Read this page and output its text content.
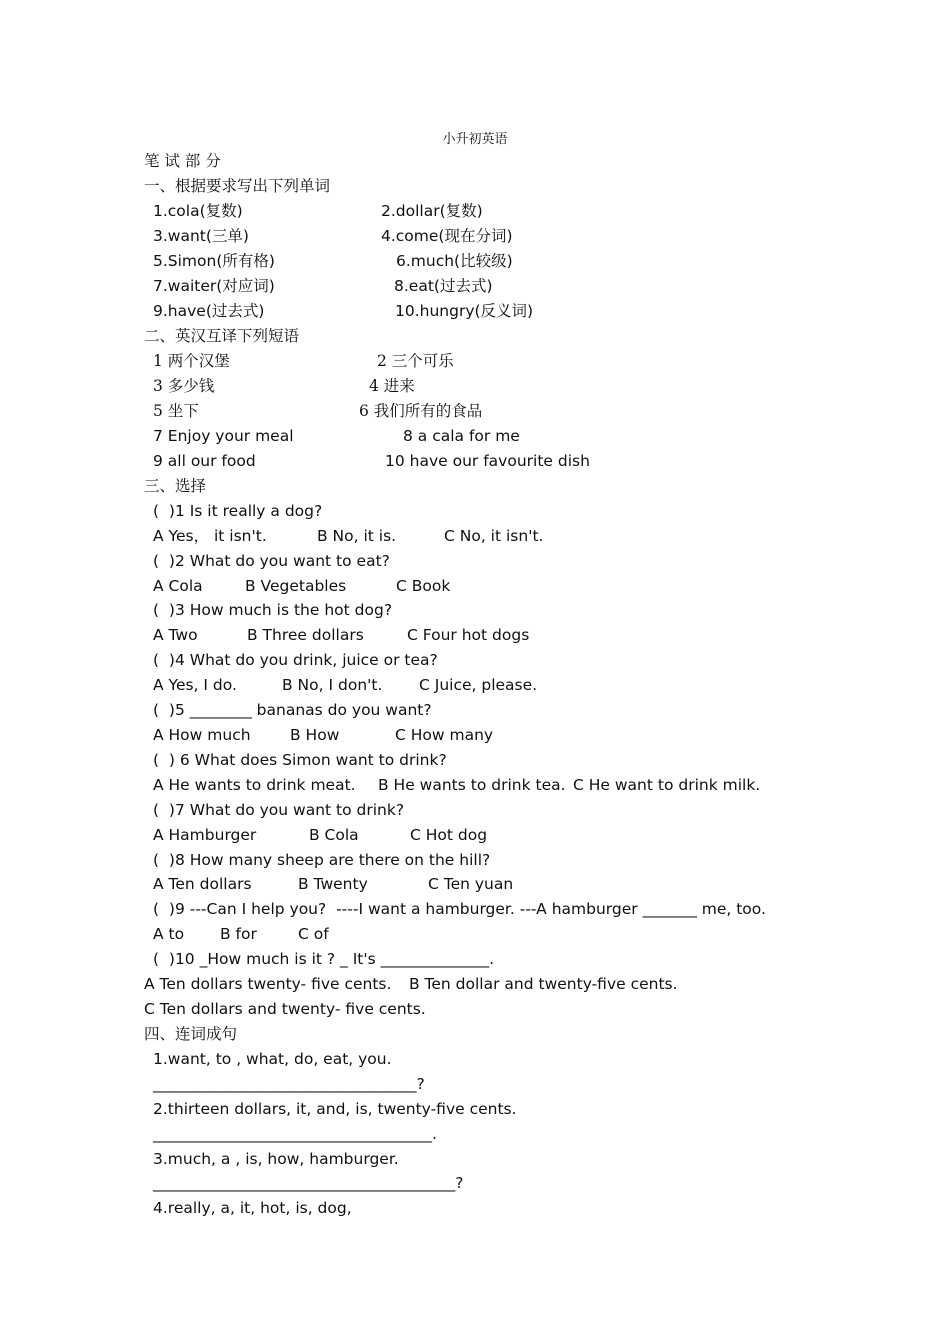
小升初英语
笔 试 部 分
一、根据要求写出下列单词
1.cola(复数)	2.dollar(复数)
3.want(三单)	4.come(现在分词)
5.Simon(所有格)	6.much(比较级)
7.waiter(对应词)	8.eat(过去式)
9.have(过去式)	10.hungry(反义词)
二、英汉互译下列短语
1 两个汉堡	2 三个可乐
3 多少钱	4 进来
5 坐下	6 我们所有的食品
7 Enjoy your meal	8 a cala for me
9 all our food	10 have our favourite dish
三、选择
(  )1 Is it really a dog?
A Yes， it isn't.	B No, it is.	C No, it isn't.
(  )2 What do you want to eat?
A Cola	B Vegetables	C Book
(  )3 How much is the hot dog?
A Two	B Three dollars	C Four hot dogs
(  )4 What do you drink, juice or tea?
A Yes, I do.	B No, I don't. C Juice, please.
(  )5 ________ bananas do you want?
A How much	B How	C How many
(  ) 6 What does Simon want to drink?
A He wants to drink meat. B He wants to drink tea. C He want to drink milk.
(  )7 What do you want to drink?
A Hamburger	B Cola	C Hot dog
(  )8 How many sheep are there on the hill?
A Ten dollars	B Twenty	C Ten yuan
(  )9 ---Can I help you?  ----I want a hamburger. ---A hamburger _______ me, too.
A to B for	C of
(  )10 _How much is it ? _ It's ______________.
A Ten dollars twenty- five cents. B Ten dollar and twenty-five cents.
C Ten dollars and twenty- five cents.
四、连词成句
1.want, to , what, do, eat, you.
__________________________________?
2.thirteen dollars, it, and, is, twenty-five cents.
____________________________________.
3.much, a , is, how, hamburger.
_______________________________________?
4.really, a, it, hot, is, dog,
